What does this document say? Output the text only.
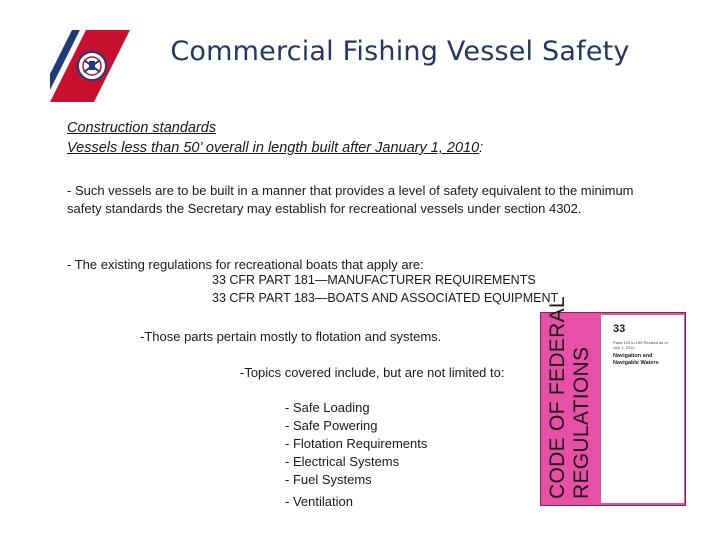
Commercial Fishing Vessel Safety
Construction standards
Vessels less than 50’ overall in length built after January 1, 2010:
- Such vessels are to be built in a manner that provides a level of safety equivalent to the minimum safety standards the Secretary may establish for recreational vessels under section 4302.
- The existing regulations for recreational boats that apply are:
33 CFR PART 181—MANUFACTURER REQUIREMENTS
33 CFR PART 183—BOATS AND ASSOCIATED EQUIPMENT
-Those parts pertain mostly to flotation and systems.
-Topics covered include, but are not limited to:
- Safe Loading
- Safe Powering
- Flotation Requirements
- Electrical Systems
- Fuel Systems
- Ventilation
33
Parts 125 to 199 Revised as of July 1, 2011
Navigation and Navigable Waters
CODE OF FEDERAL REGULATIONS
